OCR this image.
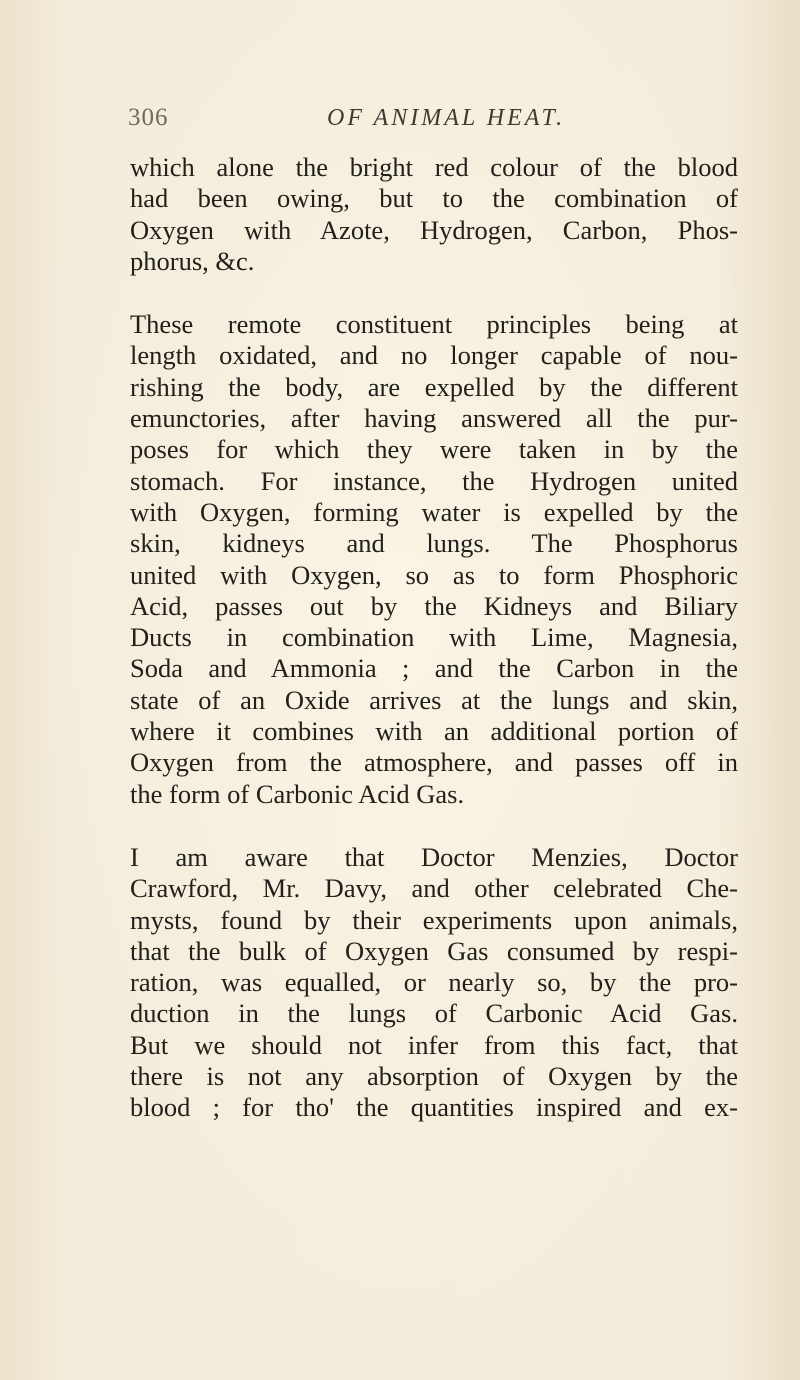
306	OF ANIMAL HEAT.
which alone the bright red colour of the blood
had been owing, but to the combination of
Oxygen with Azote, Hydrogen, Carbon, Phos-
phorus, &c.
These remote constituent principles being at
length oxidated, and no longer capable of nou-
rishing the body, are expelled by the different
emunctories, after having answered all the pur-
poses for which they were taken in by the
stomach. For instance, the Hydrogen united
with Oxygen, forming water is expelled by the
skin, kidneys and lungs. The Phosphorus
united with Oxygen, so as to form Phosphoric
Acid, passes out by the Kidneys and Biliary
Ducts in combination with Lime, Magnesia,
Soda and Ammonia ; and the Carbon in the
state of an Oxide arrives at the lungs and skin,
where it combines with an additional portion of
Oxygen from the atmosphere, and passes off in
the form of Carbonic Acid Gas.
I am aware that Doctor Menzies, Doctor
Crawford, Mr. Davy, and other celebrated Che-
mysts, found by their experiments upon animals,
that the bulk of Oxygen Gas consumed by respi-
ration, was equalled, or nearly so, by the pro-
duction in the lungs of Carbonic Acid Gas.
But we should not infer from this fact, that
there is not any absorption of Oxygen by the
blood ; for tho' the quantities inspired and ex-
